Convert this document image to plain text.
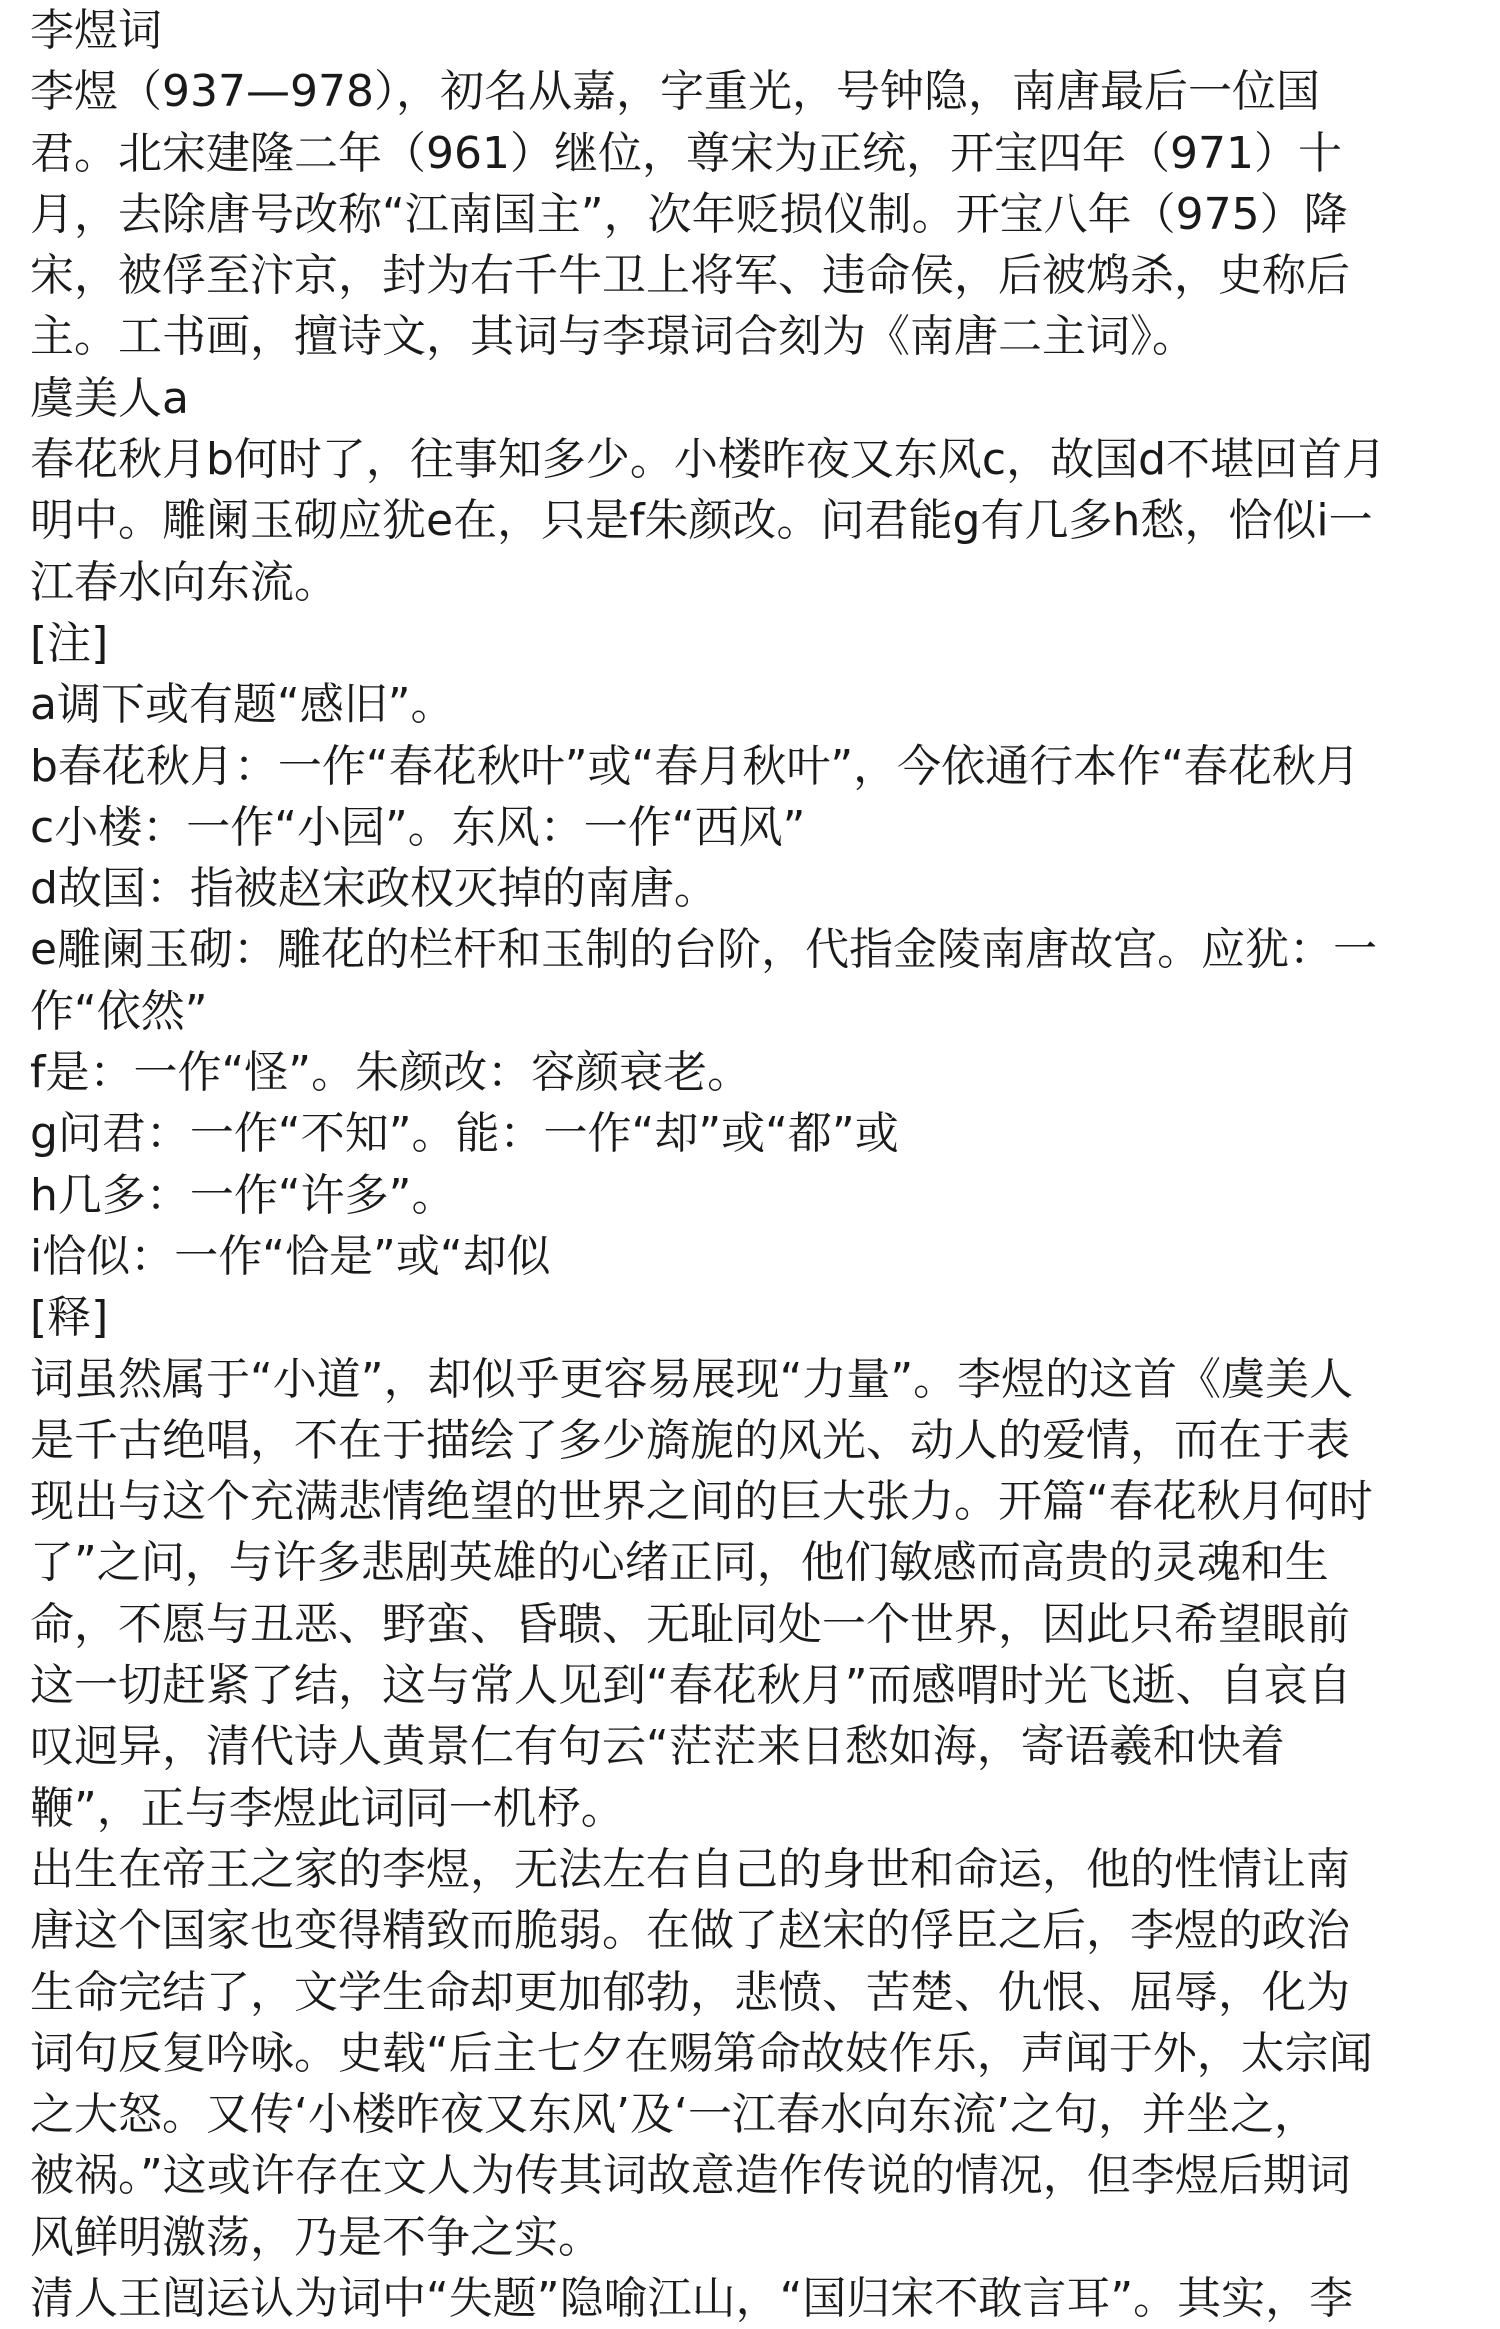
李煜词
李煜（937—978），初名从嘉，字重光，号钟隐，南唐最后一位国
君。北宋建隆二年（961）继位，尊宋为正统，开宝四年（971）十
月，去除唐号改称“江南国主”，次年贬损仪制。开宝八年（975）降
宋，被俘至汴京，封为右千牛卫上将军、违命侯，后被鸩杀，史称后
主。工书画，擅诗文，其词与李璟词合刻为《南唐二主词》。
虞美人a
春花秋月b何时了，往事知多少。小楼昨夜又东风c，故国d不堪回首月
明中。雕阑玉砌应犹e在，只是f朱颜改。问君能g有几多h愁，恰似i一
江春水向东流。
[注]
a调下或有题“感旧”。
b春花秋月：一作“春花秋叶”或“春月秋叶”，今依通行本作“春花秋月
c小楼：一作“小园”。东风：一作“西风”
d故国：指被赵宋政权灭掉的南唐。
e雕阑玉砌：雕花的栏杆和玉制的台阶，代指金陵南唐故宫。应犹：一
作“依然”
f是：一作“怪”。朱颜改：容颜衰老。
g问君：一作“不知”。能：一作“却”或“都”或
h几多：一作“许多”。
i恰似：一作“恰是”或“却似
[释]
词虽然属于“小道”，却似乎更容易展现“力量”。李煜的这首《虞美人
是千古绝唱，不在于描绘了多少旖旎的风光、动人的爱情，而在于表
现出与这个充满悲情绝望的世界之间的巨大张力。开篇“春花秋月何时
了”之问，与许多悲剧英雄的心绪正同，他们敏感而高贵的灵魂和生
命，不愿与丑恶、野蛮、昏聩、无耻同处一个世界，因此只希望眼前
这一切赶紧了结，这与常人见到“春花秋月”而感喟时光飞逝、自哀自
叹迥异，清代诗人黄景仁有句云“茫茫来日愁如海，寄语羲和快着
鞭”，正与李煜此词同一机杼。
出生在帝王之家的李煜，无法左右自己的身世和命运，他的性情让南
唐这个国家也变得精致而脆弱。在做了赵宋的俘臣之后，李煜的政治
生命完结了，文学生命却更加郁勃，悲愤、苦楚、仇恨、屈辱，化为
词句反复吟咏。史载“后主七夕在赐第命故妓作乐，声闻于外，太宗闻
之大怒。又传‘小楼昨夜又东风’及‘一江春水向东流’之句，并坐之，
被祸。”这或许存在文人为传其词故意造作传说的情况，但李煜后期词
风鲜明激荡，乃是不争之实。
清人王闿运认为词中“失题”隐喻江山，“国归宋不敢言耳”。其实，李
